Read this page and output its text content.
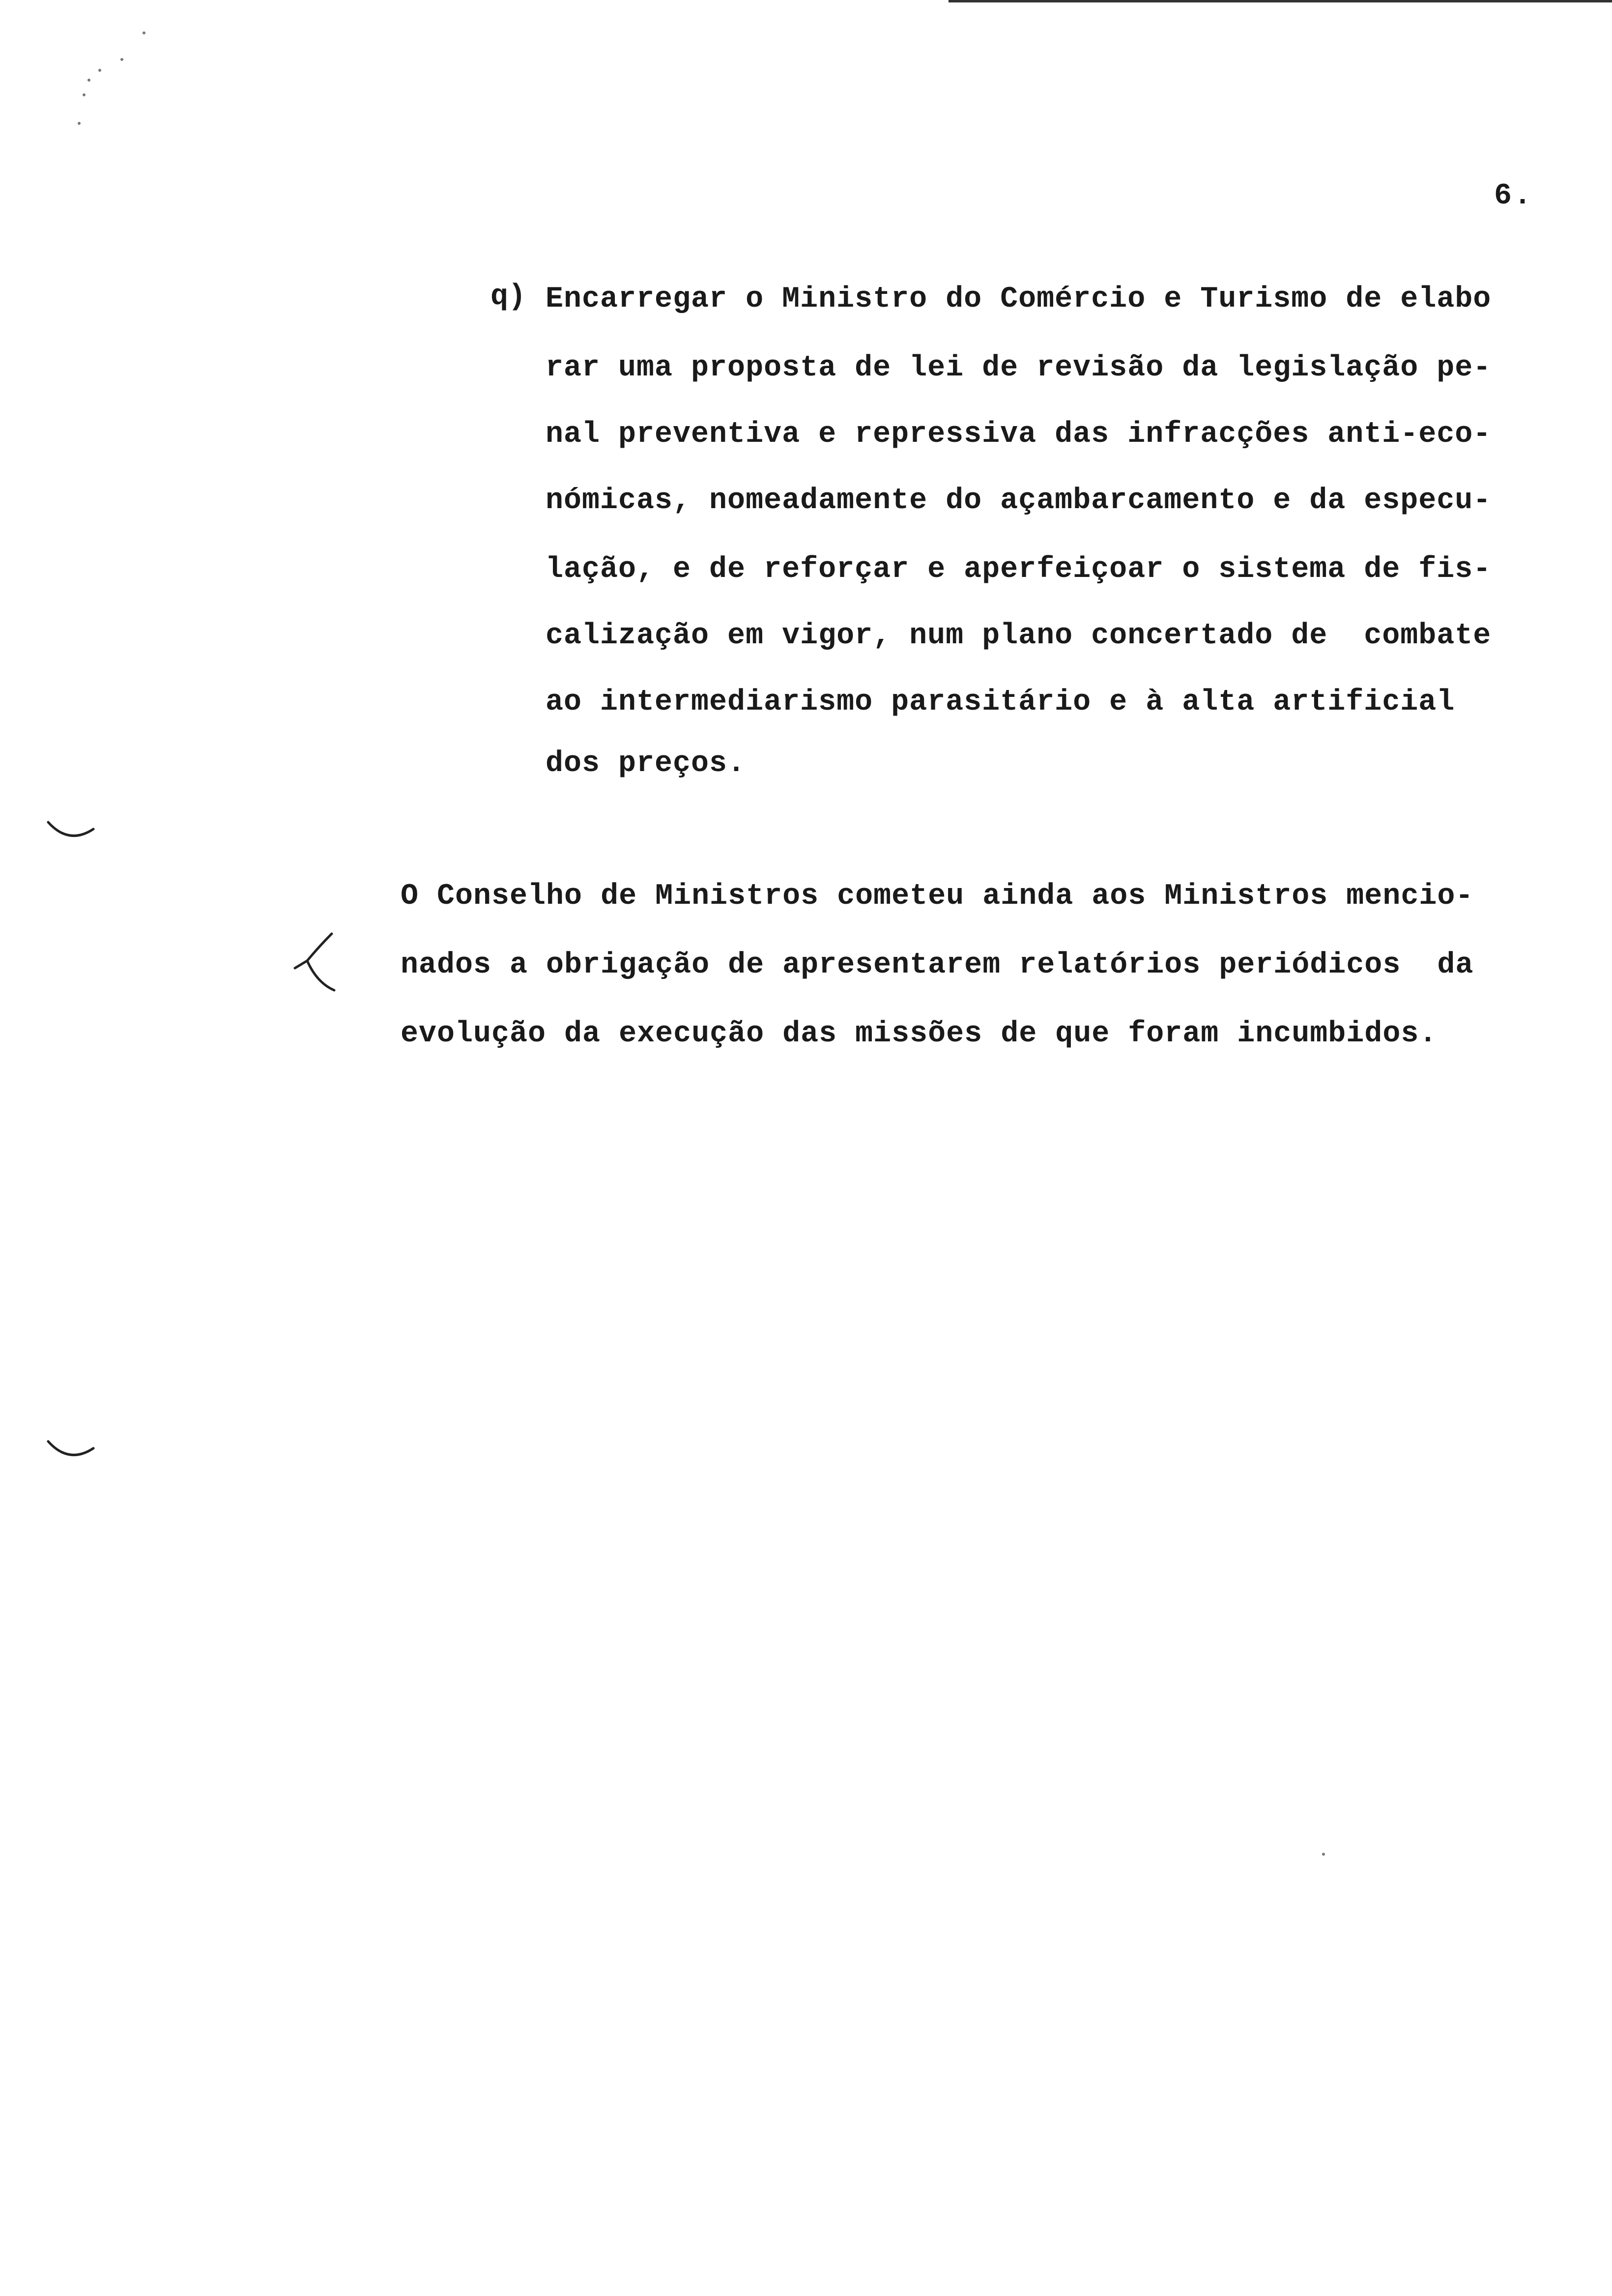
6.
q) Encarregar o Ministro do Comércio e Turismo de elabo
rar uma proposta de lei de revisão da legislação pe-
nal preventiva e repressiva das infracções anti-eco-
nómicas, nomeadamente do açambarcamento e da especu-
lação, e de reforçar e aperfeiçoar o sistema de fis-
calização em vigor, num plano concertado de  combate
ao intermediarismo parasitário e à alta artificial
dos preços.
O Conselho de Ministros cometeu ainda aos Ministros mencio-
nados a obrigação de apresentarem relatórios periódicos  da
evolução da execução das missões de que foram incumbidos.
